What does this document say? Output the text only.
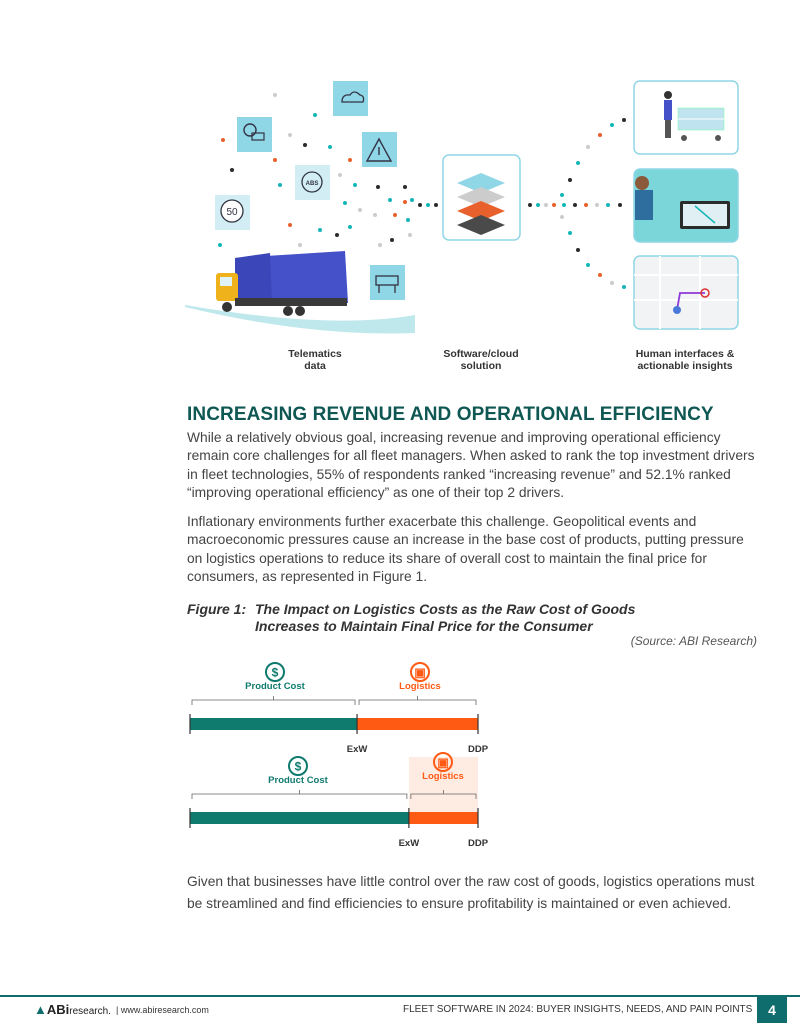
ABS
50
Telematics
data
Software/cloud
solution
Human interfaces &
actionable insights
INCREASING REVENUE AND OPERATIONAL EFFICIENCY

While a relatively obvious goal, increasing revenue and improving operational efficiency remain core challenges for all fleet managers. When asked to rank the top investment drivers in fleet technologies, 55% of respondents ranked “increasing revenue” and 52.1% ranked “improving operational efficiency” as one of their top 2 drivers.

Inflationary environments further exacerbate this challenge. Geopolitical events and macroeconomic pressures cause an increase in the base cost of products, putting pressure on logistics operations to reduce its share of overall cost to maintain the final price for consumers, as represented in Figure 1.

Figure 1: The Impact on Logistics Costs as the Raw Cost of Goods
Increases to Maintain Final Price for the Consumer
(Source: ABI Research)
$	▣
Product Cost	Logistics
ExW	DDP
$	▣
Product Cost	Logistics
ExW	DDP

Given that businesses have little control over the raw cost of goods, logistics operations must be streamlined and find efficiencies to ensure profitability is maintained or even achieved.

▲ABiresearch. | www.abiresearch.com	FLEET SOFTWARE IN 2024: BUYER INSIGHTS, NEEDS, AND PAIN POINTS	4
